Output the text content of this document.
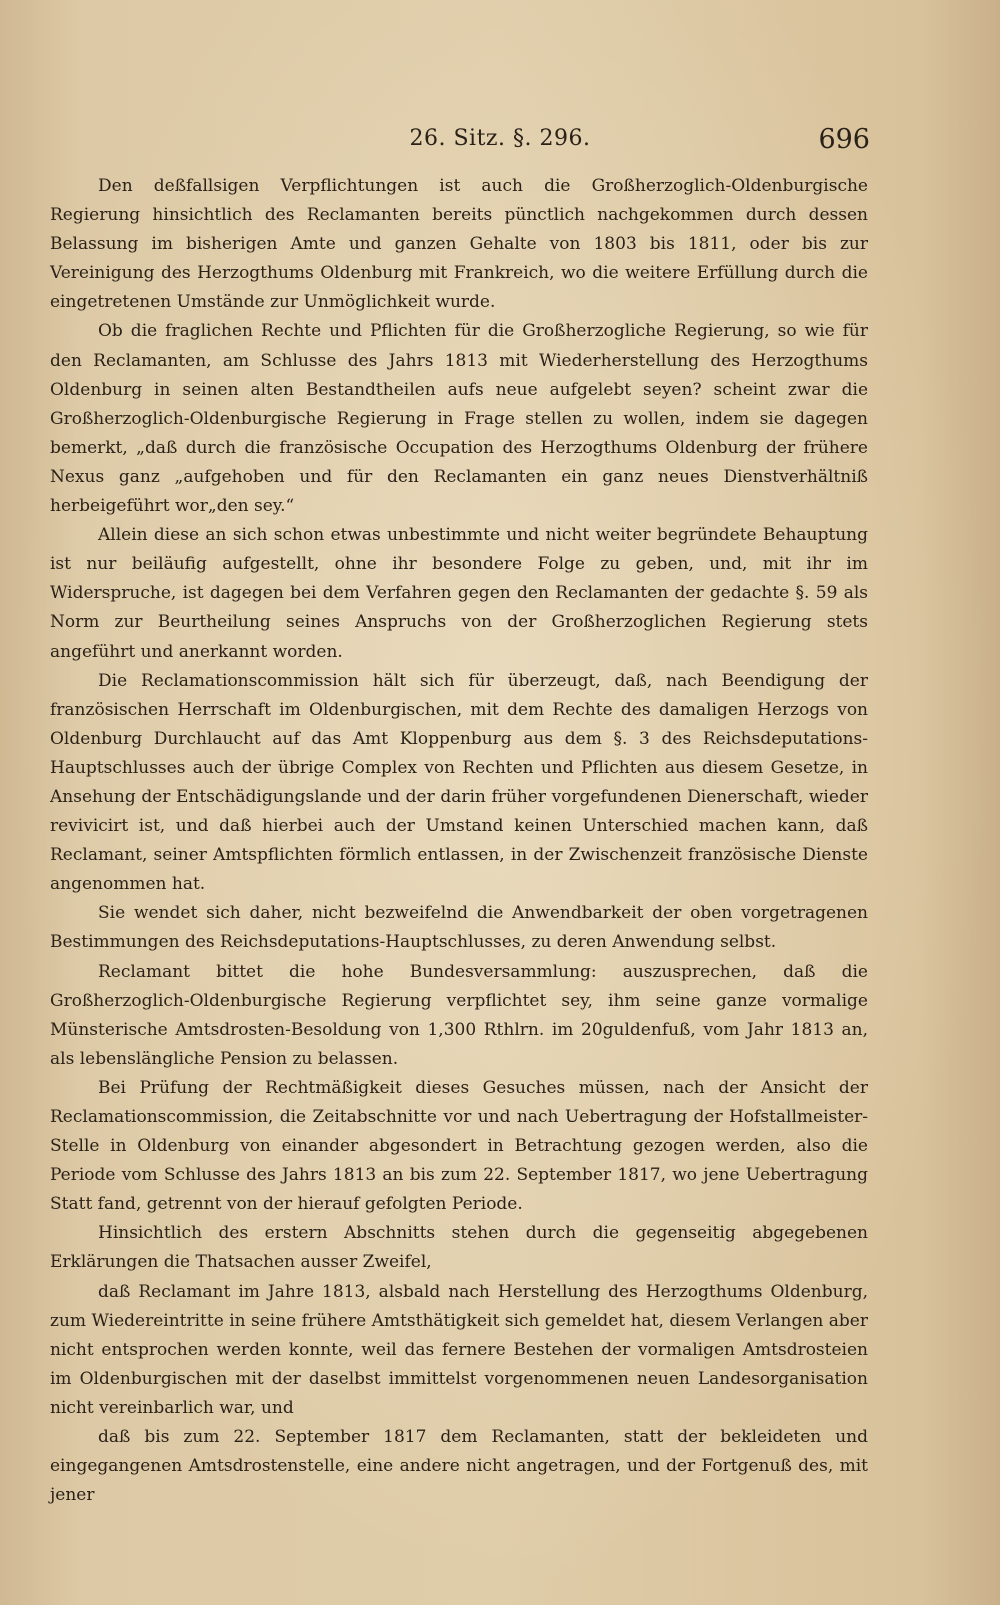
26. Sitz. §. 296.	696

Den deßfallsigen Verpflichtungen ist auch die Großherzoglich-Oldenburgische Regierung hinsichtlich des Reclamanten bereits pünctlich nachgekommen durch dessen Belassung im bisherigen Amte und ganzen Gehalte von 1803 bis 1811, oder bis zur Vereinigung des Herzogthums Oldenburg mit Frankreich, wo die weitere Erfüllung durch die eingetretenen Umstände zur Unmöglichkeit wurde.

Ob die fraglichen Rechte und Pflichten für die Großherzogliche Regierung, so wie für den Reclamanten, am Schlusse des Jahrs 1813 mit Wiederherstellung des Herzogthums Oldenburg in seinen alten Bestandtheilen aufs neue aufgelebt seyen? scheint zwar die Großherzoglich-Oldenburgische Regierung in Frage stellen zu wollen, indem sie dagegen bemerkt, „daß durch die französische Occupation des Herzogthums Oldenburg der frühere Nexus ganz „aufgehoben und für den Reclamanten ein ganz neues Dienstverhältniß herbeigeführt wor„den sey.“

Allein diese an sich schon etwas unbestimmte und nicht weiter begründete Behauptung ist nur beiläufig aufgestellt, ohne ihr besondere Folge zu geben, und, mit ihr im Widerspruche, ist dagegen bei dem Verfahren gegen den Reclamanten der gedachte §. 59 als Norm zur Beurtheilung seines Anspruchs von der Großherzoglichen Regierung stets angeführt und anerkannt worden.

Die Reclamationscommission hält sich für überzeugt, daß, nach Beendigung der französischen Herrschaft im Oldenburgischen, mit dem Rechte des damaligen Herzogs von Oldenburg Durchlaucht auf das Amt Kloppenburg aus dem §. 3 des Reichsdeputations-Hauptschlusses auch der übrige Complex von Rechten und Pflichten aus diesem Gesetze, in Ansehung der Entschädigungslande und der darin früher vorgefundenen Dienerschaft, wieder revivicirt ist, und daß hierbei auch der Umstand keinen Unterschied machen kann, daß Reclamant, seiner Amtspflichten förmlich entlassen, in der Zwischenzeit französische Dienste angenommen hat.

Sie wendet sich daher, nicht bezweifelnd die Anwendbarkeit der oben vorgetragenen Bestimmungen des Reichsdeputations-Hauptschlusses, zu deren Anwendung selbst.

Reclamant bittet die hohe Bundesversammlung: auszusprechen, daß die Großherzoglich-Oldenburgische Regierung verpflichtet sey, ihm seine ganze vormalige Münsterische Amtsdrosten-Besoldung von 1,300 Rthlrn. im 20guldenfuß, vom Jahr 1813 an, als lebenslängliche Pension zu belassen.

Bei Prüfung der Rechtmäßigkeit dieses Gesuches müssen, nach der Ansicht der Reclamationscommission, die Zeitabschnitte vor und nach Uebertragung der Hofstallmeister-Stelle in Oldenburg von einander abgesondert in Betrachtung gezogen werden, also die Periode vom Schlusse des Jahrs 1813 an bis zum 22. September 1817, wo jene Uebertragung Statt fand, getrennt von der hierauf gefolgten Periode.

Hinsichtlich des erstern Abschnitts stehen durch die gegenseitig abgegebenen Erklärungen die Thatsachen ausser Zweifel,

daß Reclamant im Jahre 1813, alsbald nach Herstellung des Herzogthums Oldenburg, zum Wiedereintritte in seine frühere Amtsthätigkeit sich gemeldet hat, diesem Verlangen aber nicht entsprochen werden konnte, weil das fernere Bestehen der vormaligen Amtsdrosteien im Oldenburgischen mit der daselbst immittelst vorgenommenen neuen Landesorganisation nicht vereinbarlich war, und

daß bis zum 22. September 1817 dem Reclamanten, statt der bekleideten und eingegangenen Amtsdrostenstelle, eine andere nicht angetragen, und der Fortgenuß des, mit jener
